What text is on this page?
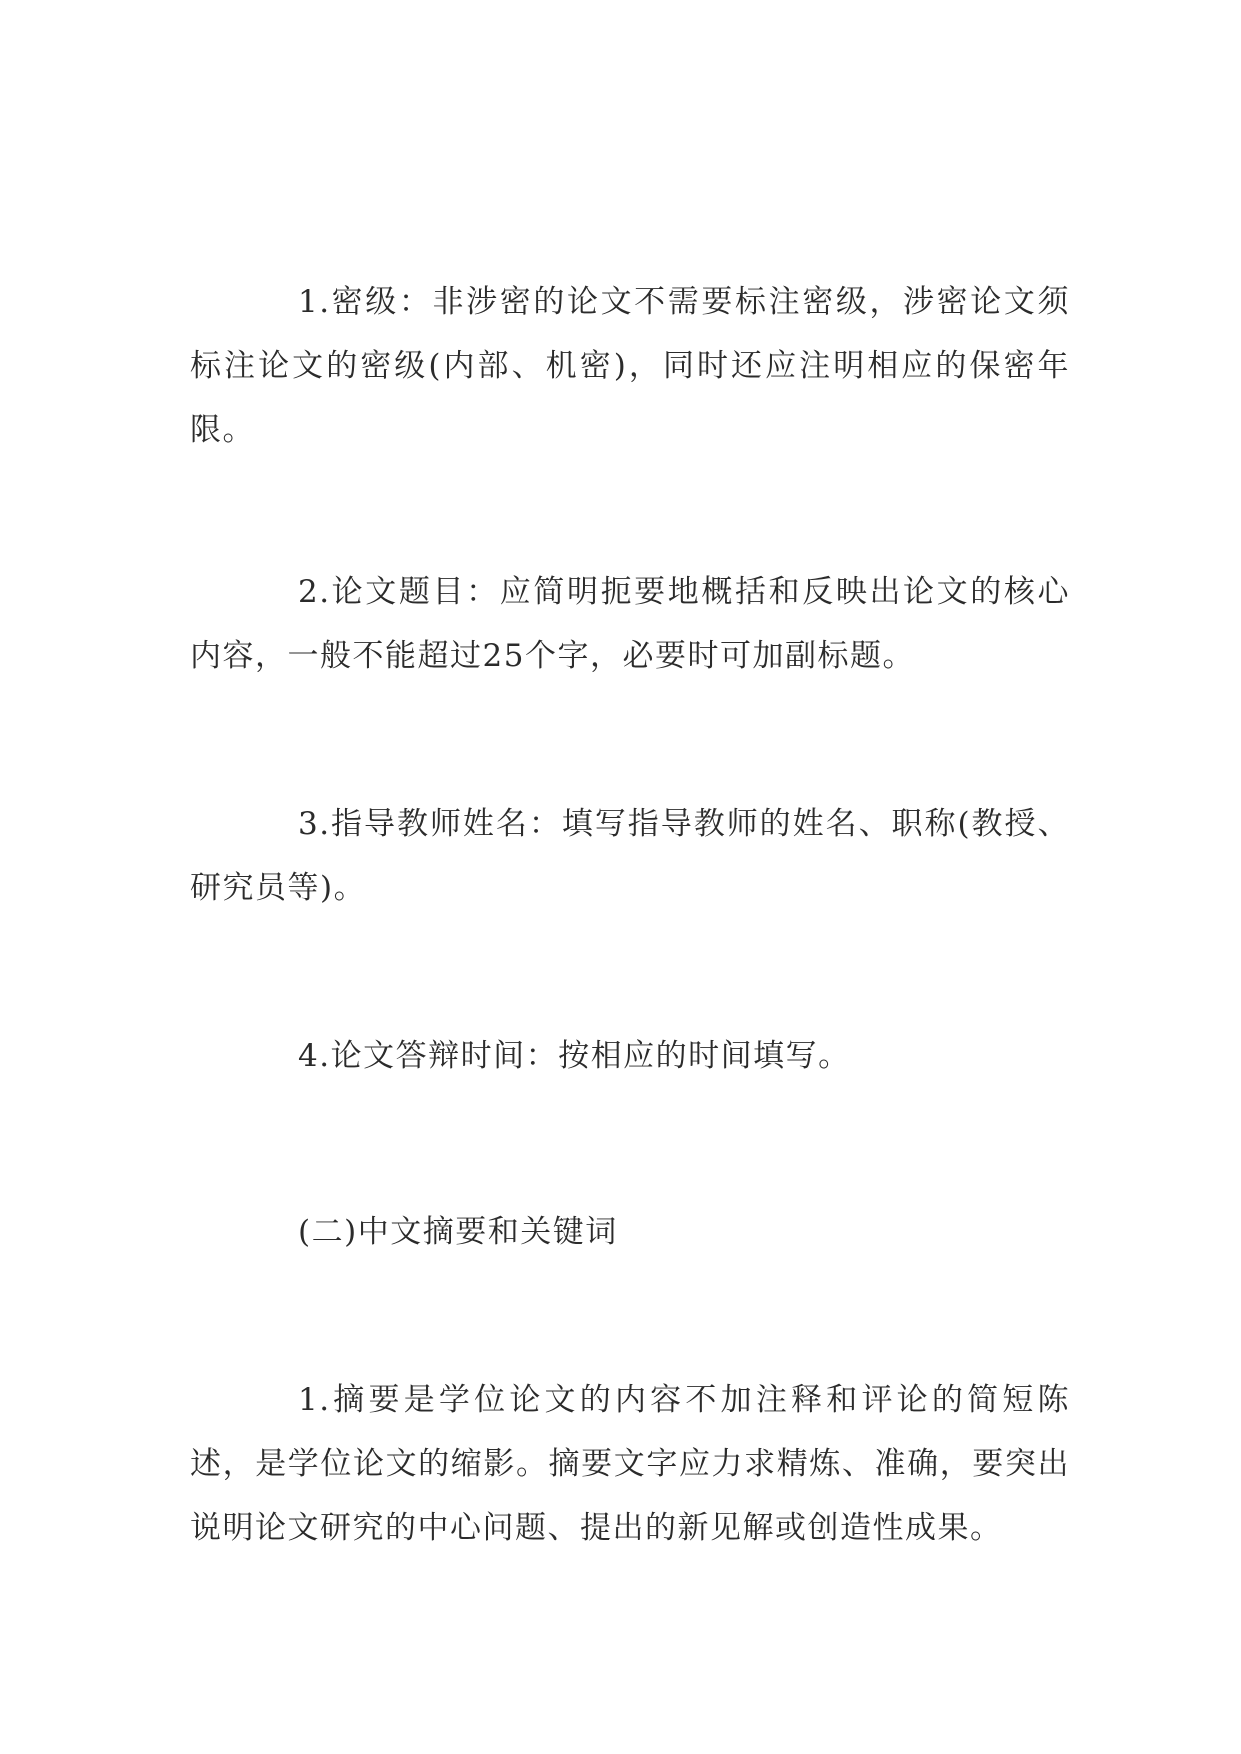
1.密级：非涉密的论文不需要标注密级，涉密论文须标注论文的密级(内部、机密)，同时还应注明相应的保密年限。

2.论文题目：应简明扼要地概括和反映出论文的核心内容，一般不能超过25个字，必要时可加副标题。

3.指导教师姓名：填写指导教师的姓名、职称(教授、研究员等)。

4.论文答辩时间：按相应的时间填写。

(二)中文摘要和关键词

1.摘要是学位论文的内容不加注释和评论的简短陈述，是学位论文的缩影。摘要文字应力求精炼、准确，要突出说明论文研究的中心问题、提出的新见解或创造性成果。
